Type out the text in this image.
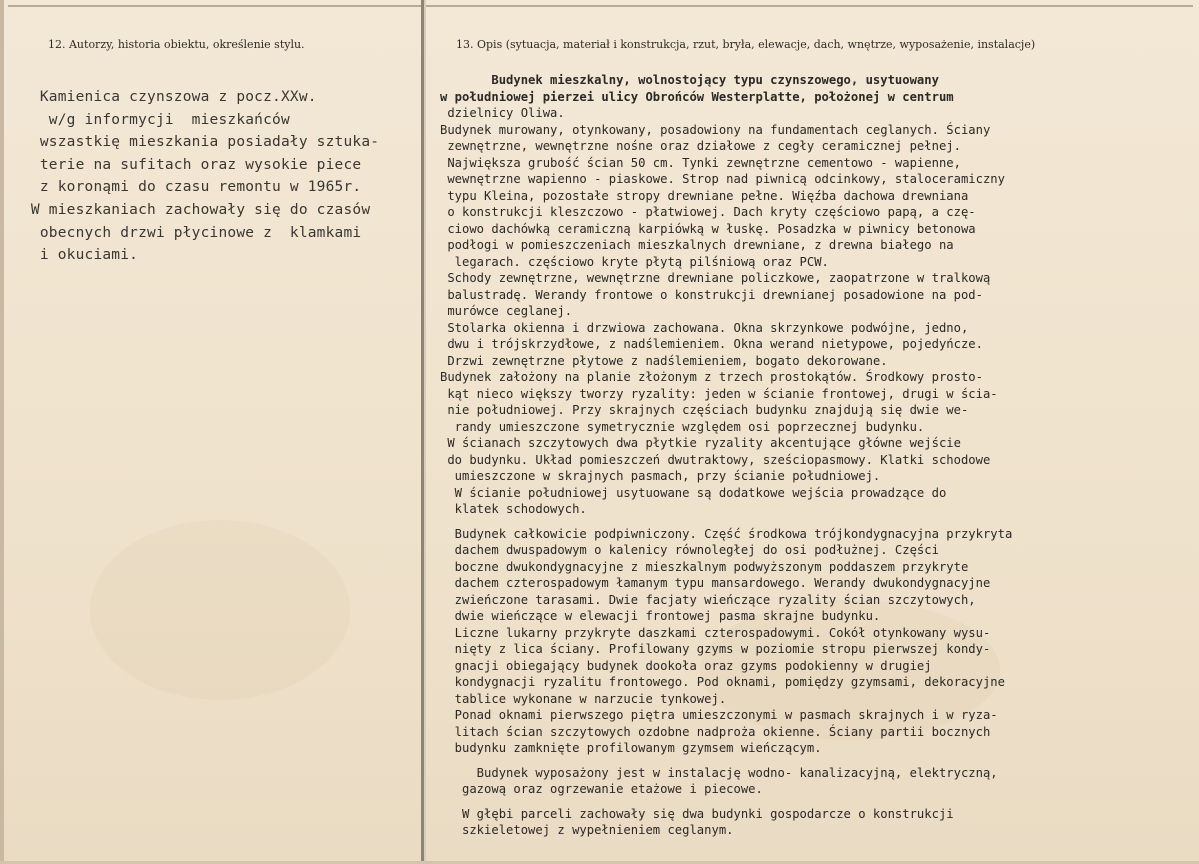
12. Autorzy, historia obiektu, określenie stylu.	13. Opis (sytuacja, materiał i konstrukcja, rzut, bryła, elewacje, dach, wnętrze, wyposażenie, instalacje)
Kamienica czynszowa z pocz.XXw.
w/g informycji  mieszkańców
wszastkię mieszkania posiadały sztuka-
terie na sufitach oraz wysokie piece
z koronąmi do czasu remontu w 1965r.
W mieszkaniach zachowały się do czasów
obecnych drzwi płycinowe z  klamkami
i okuciami.
Budynek mieszkalny, wolnostojący typu czynszowego, usytuowany
w południowej pierzei ulicy Obrońców Westerplatte, położonej w centrum
dzielnicy Oliwa.
Budynek murowany, otynkowany, posadowiony na fundamentach ceglanych. Ściany
zewnętrzne, wewnętrzne nośne oraz działowe z cegły ceramicznej pełnej.
Największa grubość ścian 50 cm. Tynki zewnętrzne cementowo - wapienne,
wewnętrzne wapienno - piaskowe. Strop nad piwnicą odcinkowy, staloceramiczny
typu Kleina, pozostałe stropy drewniane pełne. Więźba dachowa drewniana
o konstrukcji kleszczowo - płatwiowej. Dach kryty częściowo papą, a czę-
ciowo dachówką ceramiczną karpiówką w łuskę. Posadzka w piwnicy betonowa
podłogi w pomieszczeniach mieszkalnych drewniane, z drewna białego na
legarach. częściowo kryte płytą pilśniową oraz PCW.
Schody zewnętrzne, wewnętrzne drewniane policzkowe, zaopatrzone w tralkową
balustradę. Werandy frontowe o konstrukcji drewnianej posadowione na pod-
murówce ceglanej.
Stolarka okienna i drzwiowa zachowana. Okna skrzynkowe podwójne, jedno,
dwu i trójskrzydłowe, z nadślemieniem. Okna werand nietypowe, pojedyńcze.
Drzwi zewnętrzne płytowe z nadślemieniem, bogato dekorowane.
Budynek założony na planie złożonym z trzech prostokątów. Środkowy prosto-
kąt nieco większy tworzy ryzality: jeden w ścianie frontowej, drugi w ścia-
nie południowej. Przy skrajnych częściach budynku znajdują się dwie we-
randy umieszczone symetrycznie względem osi poprzecznej budynku.
W ścianach szczytowych dwa płytkie ryzality akcentujące główne wejście
do budynku. Układ pomieszczeń dwutraktowy, sześciopasmowy. Klatki schodowe
umieszczone w skrajnych pasmach, przy ścianie południowej.
W ścianie południowej usytuowane są dodatkowe wejścia prowadzące do
klatek schodowych.
Budynek całkowicie podpiwniczony. Część środkowa trójkondygnacyjna przykryta
dachem dwuspadowym o kalenicy równoległej do osi podłużnej. Części
boczne dwukondygnacyjne z mieszkalnym podwyższonym poddaszem przykryte
dachem czterospadowym łamanym typu mansardowego. Werandy dwukondygnacyjne
zwieńczone tarasami. Dwie facjaty wieńczące ryzality ścian szczytowych,
dwie wieńczące w elewacji frontowej pasma skrajne budynku.
Liczne lukarny przykryte daszkami czterospadowymi. Cokół otynkowany wysu-
nięty z lica ściany. Profilowany gzyms w poziomie stropu pierwszej kondy-
gnacji obiegający budynek dookoła oraz gzyms podokienny w drugiej
kondygnacji ryzalitu frontowego. Pod oknami, pomiędzy gzymsami, dekoracyjne
tablice wykonane w narzucie tynkowej.
Ponad oknami pierwszego piętra umieszczonymi w pasmach skrajnych i w ryza-
litach ścian szczytowych ozdobne nadproża okienne. Ściany partii bocznych
budynku zamknięte profilowanym gzymsem wieńczącym.
Budynek wyposażony jest w instalację wodno- kanalizacyjną, elektryczną,
gazową oraz ogrzewanie etażowe i piecowe.
W głębi parceli zachowały się dwa budynki gospodarcze o konstrukcji
szkieletowej z wypełnieniem ceglanym.
